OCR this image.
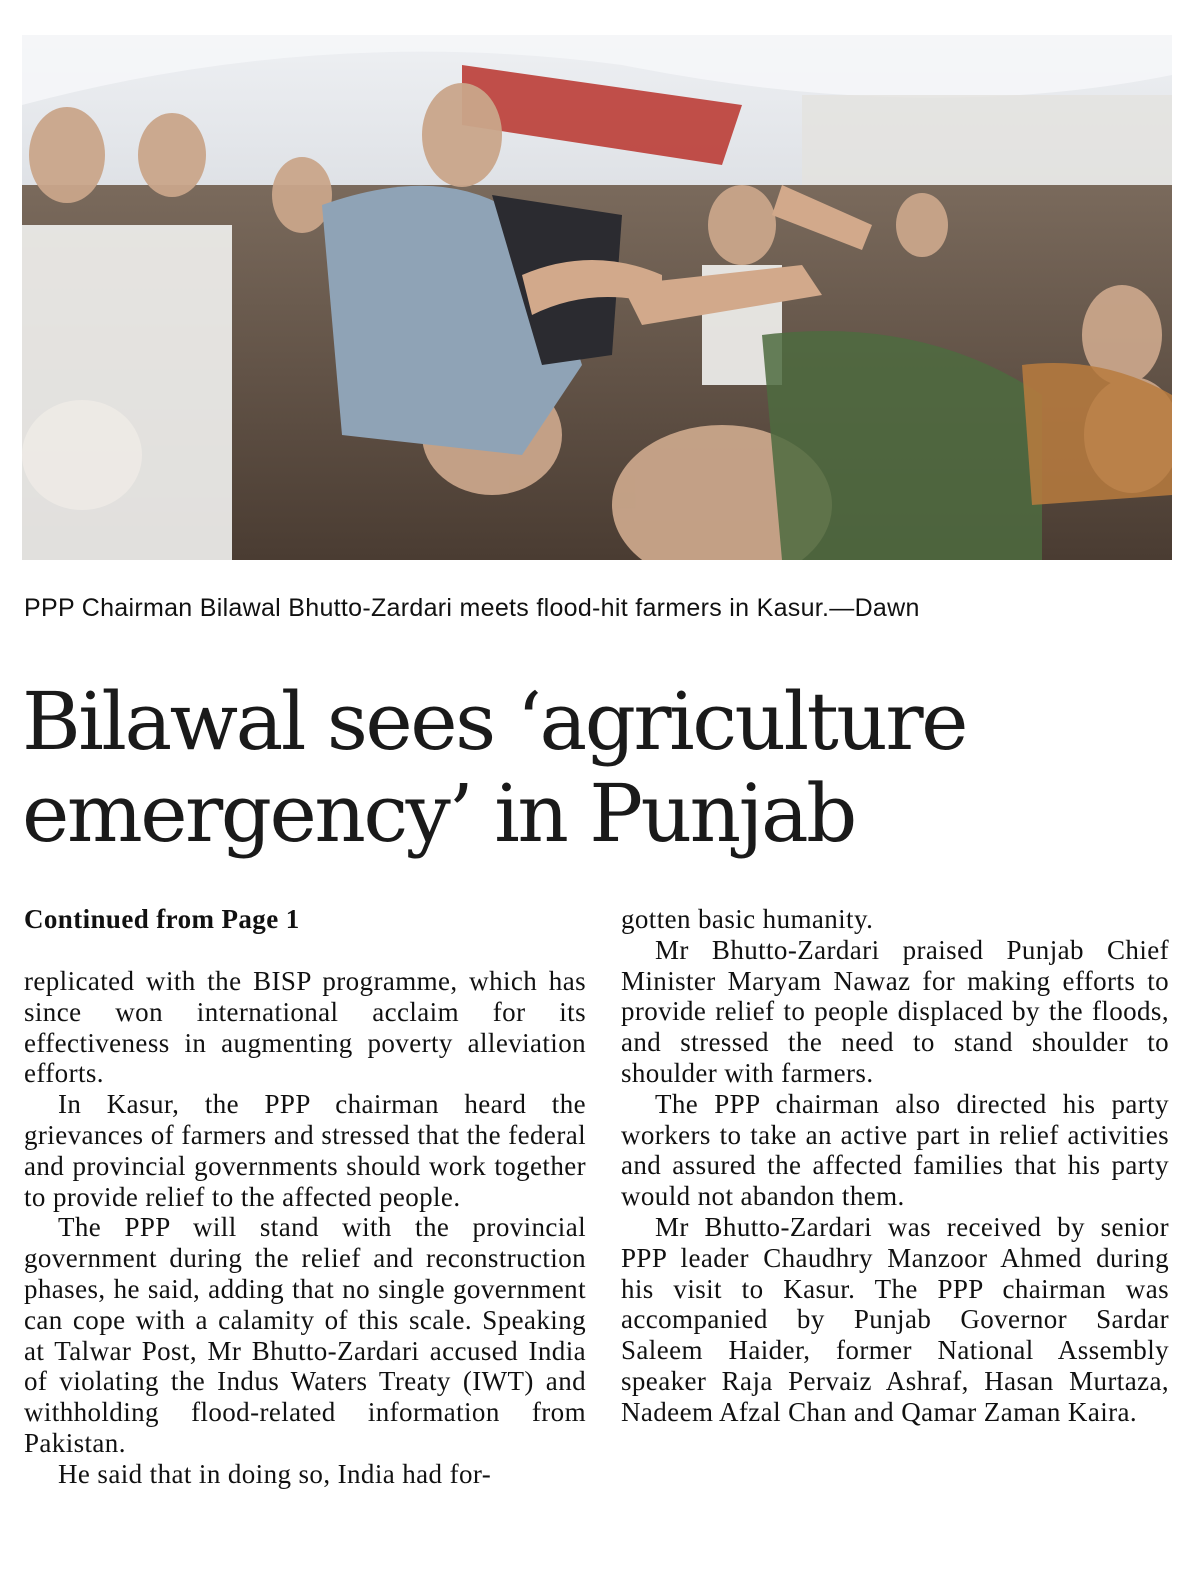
PPP Chairman Bilawal Bhutto-Zardari meets flood-hit farmers in Kasur.—Dawn
Bilawal sees ‘agriculture
emergency’ in Punjab
Continued from Page 1

replicated with the BISP programme, which has since won international acclaim for its effectiveness in augmenting poverty alleviation efforts.

In Kasur, the PPP chairman heard the grievances of farmers and stressed that the federal and provincial governments should work together to provide relief to the affected people.

The PPP will stand with the provincial government during the relief and reconstruction phases, he said, adding that no single government can cope with a calamity of this scale. Speaking at Talwar Post, Mr Bhutto-Zardari accused India of violating the Indus Waters Treaty (IWT) and withholding flood-related information from Pakistan.

He said that in doing so, India had for-

gotten basic humanity.

Mr Bhutto-Zardari praised Punjab Chief Minister Maryam Nawaz for making efforts to provide relief to people displaced by the floods, and stressed the need to stand shoulder to shoulder with farmers.

The PPP chairman also directed his party workers to take an active part in relief activities and assured the affected families that his party would not abandon them.

Mr Bhutto-Zardari was received by senior PPP leader Chaudhry Manzoor Ahmed during his visit to Kasur. The PPP chairman was accompanied by Punjab Governor Sardar Saleem Haider, former National Assembly speaker Raja Pervaiz Ashraf, Hasan Murtaza, Nadeem Afzal Chan and Qamar Zaman Kaira.
